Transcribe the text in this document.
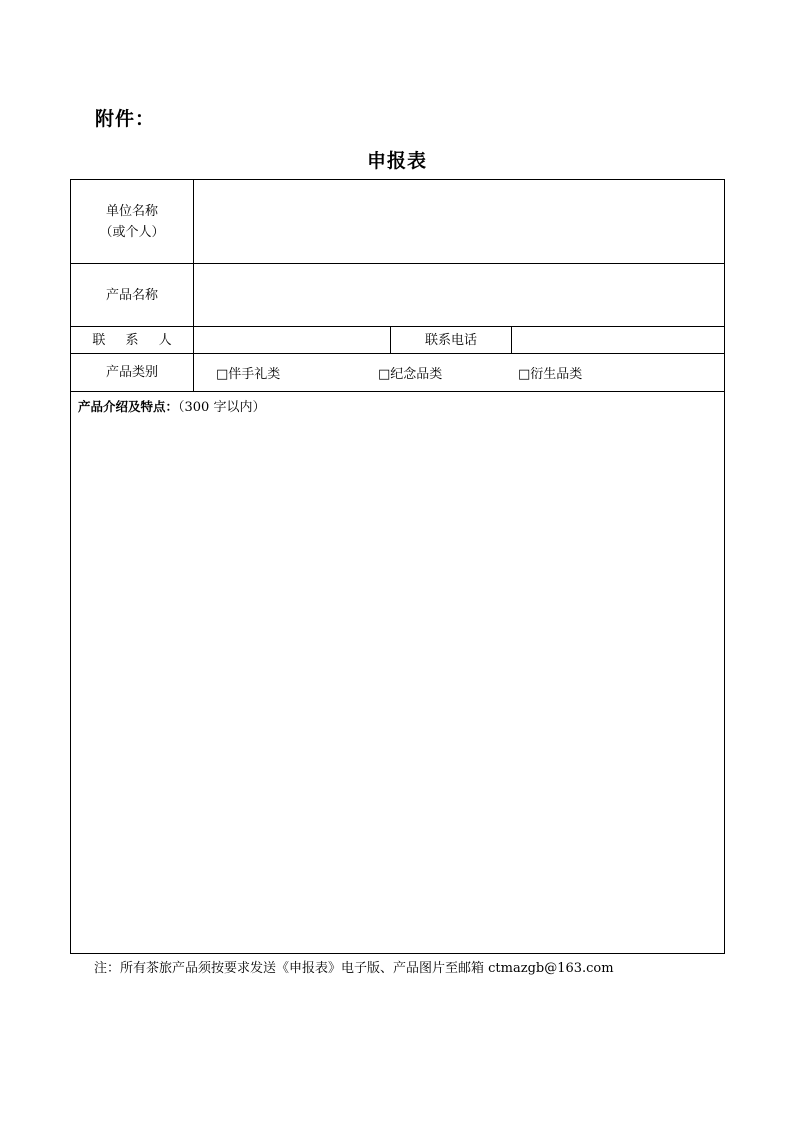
附件：
申报表
单位名称
（或个人）			

产品名称			
联 系 人		联系电话	
产品类别	□伴手礼类 □纪念品类 □衍生品类		
产品介绍及特点：（300 字以内）			
注：所有茶旅产品须按要求发送《申报表》电子版、产品图片至邮箱 ctmazgb@163.com
